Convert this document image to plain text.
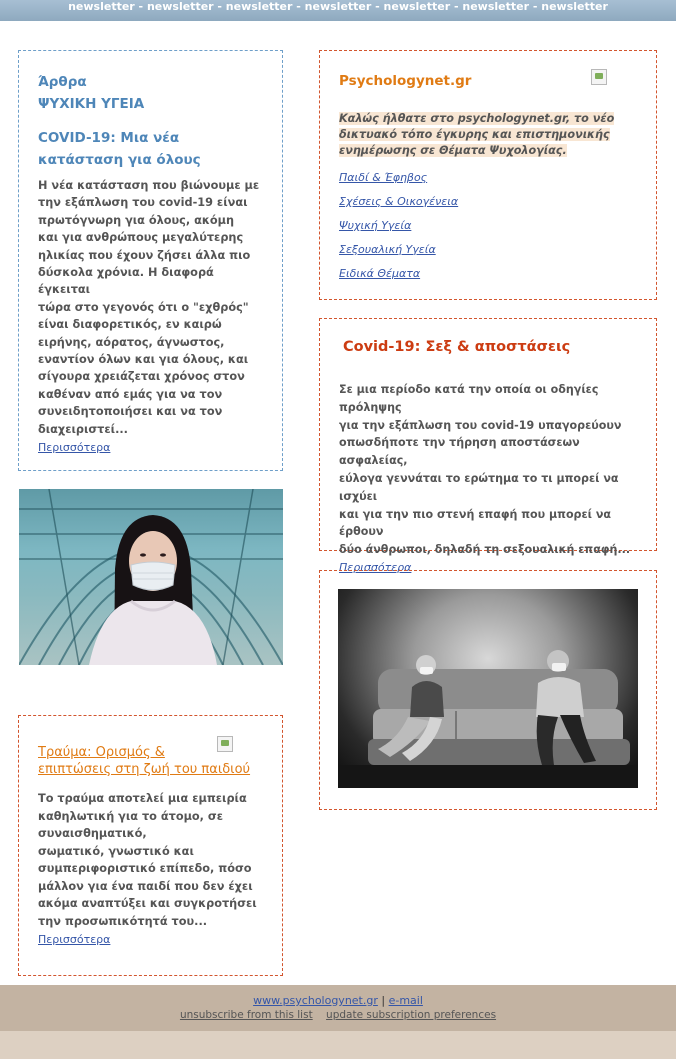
newsletter - newsletter - newsletter - newsletter - newsletter - newsletter - newsletter
Άρθρα
ΨΥΧΙΚΗ ΥΓΕΙΑ
COVID-19: Μια νέα κατάσταση για όλους
Η νέα κατάσταση που βιώνουμε με
την εξάπλωση του covid-19 είναι
πρωτόγνωρη για όλους, ακόμη
και για ανθρώπους μεγαλύτερης
ηλικίας που έχουν ζήσει άλλα πιο
δύσκολα χρόνια. Η διαφορά έγκειται
τώρα στο γεγονός ότι ο "εχθρός"
είναι διαφορετικός, εν καιρώ
ειρήνης, αόρατος, άγνωστος,
εναντίον όλων και για όλους, και
σίγουρα χρειάζεται χρόνος στον
καθέναν από εμάς για να τον
συνειδητοποιήσει και να τον
διαχειριστεί...
Περισσότερα
Τραύμα: Ορισμός &
επιπτώσεις στη ζωή του παιδιού
Το τραύμα αποτελεί μια εμπειρία
καθηλωτική για το άτομο, σε
συναισθηματικό,
σωματικό, γνωστικό και
συμπεριφοριστικό επίπεδο, πόσο
μάλλον για ένα παιδί που δεν έχει
ακόμα αναπτύξει και συγκροτήσει
την προσωπικότητά του...
Περισσότερα
Psychologynet.gr
Καλώς ήλθατε στο psychologynet.gr, το νέο
δικτυακό τόπο έγκυρης και επιστημονικής
ενημέρωσης σε Θέματα Ψυχολογίας.
Παιδί & Έφηβος
Σχέσεις & Οικογένεια
Ψυχική Υγεία
Σεξουαλική Υγεία
Ειδικά Θέματα
Covid-19: Σεξ & αποστάσεις
Σε μια περίοδο κατά την οποία οι οδηγίες πρόληψης
για την εξάπλωση του covid-19 υπαγορεύουν
οπωσδήποτε την τήρηση αποστάσεων ασφαλείας,
εύλογα γεννάται το ερώτημα το τι μπορεί να ισχύει
και για την πιο στενή επαφή που μπορεί να έρθουν
δύο άνθρωποι, δηλαδή τη σεξουαλική επαφή...
Περισσότερα
www.psychologynet.gr | e-mail
unsubscribe from this list update subscription preferences
